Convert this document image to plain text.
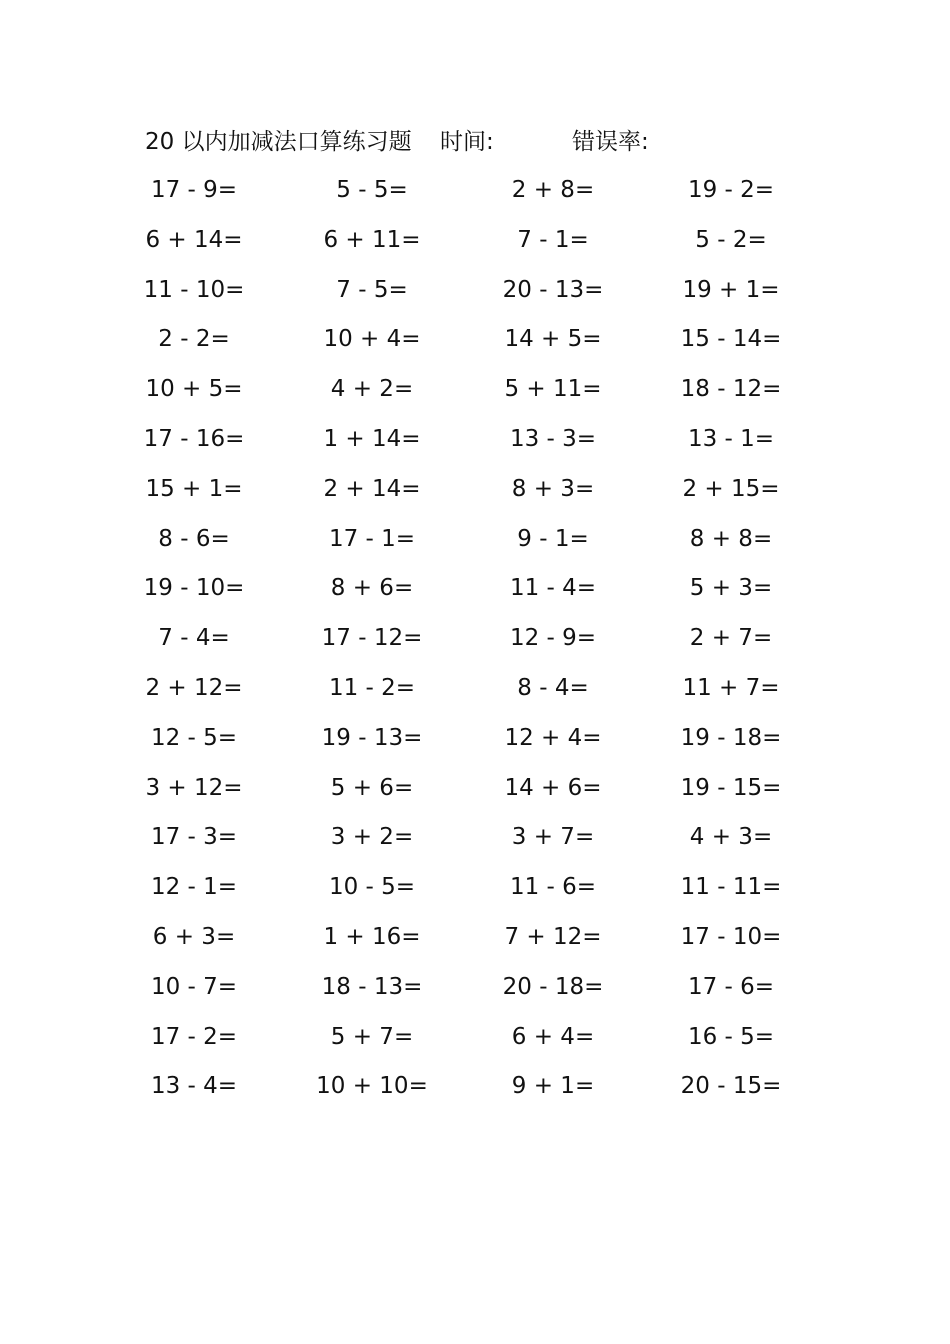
20 以内加减法口算练习题 时间:	错误率:
17 - 9=	5 - 5=	2 + 8=	19 - 2=
6 + 14=	6 + 11=	7 - 1=	5 - 2=
11 - 10=	7 - 5=	20 - 13=	19 + 1=
2 - 2=	10 + 4=	14 + 5=	15 - 14=
10 + 5=	4 + 2=	5 + 11=	18 - 12=
17 - 16=	1 + 14=	13 - 3=	13 - 1=
15 + 1=	2 + 14=	8 + 3=	2 + 15=
8 - 6=	17 - 1=	9 - 1=	8 + 8=
19 - 10=	8 + 6=	11 - 4=	5 + 3=
7 - 4=	17 - 12=	12 - 9=	2 + 7=
2 + 12=	11 - 2=	8 - 4=	11 + 7=
12 - 5=	19 - 13=	12 + 4=	19 - 18=
3 + 12=	5 + 6=	14 + 6=	19 - 15=
17 - 3=	3 + 2=	3 + 7=	4 + 3=
12 - 1=	10 - 5=	11 - 6=	11 - 11=
6 + 3=	1 + 16=	7 + 12=	17 - 10=
10 - 7=	18 - 13=	20 - 18=	17 - 6=
17 - 2=	5 + 7=	6 + 4=	16 - 5=
13 - 4=	10 + 10=	9 + 1=	20 - 15=
